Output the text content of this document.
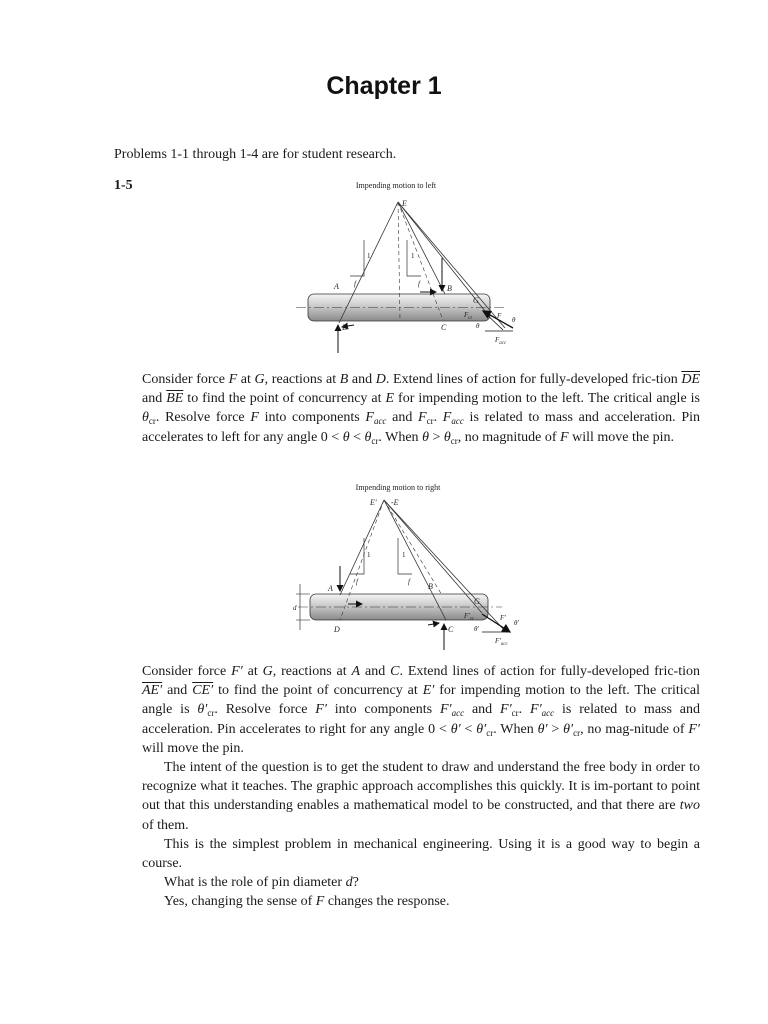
Chapter 1
Problems 1-1 through 1-4 are for student research.
1-5	Impending motion to left
E
1
f
1
f
A	B
D	C
G
$F_{cr}$	F θ
θ
$F_{acc}$

Consider force F at G, reactions at B and D. Extend lines of action for fully-developed fric-tion $\overline{DE}$ and $\overline{BE}$ to find the point of concurrency at E for impending motion to the left. The critical angle is $\theta_{cr}$. Resolve force F into components $F_{acc}$ and $F_{cr}$. $F_{acc}$ is related to mass and acceleration. Pin accelerates to left for any angle $0 < \theta < \theta_{cr}$. When $\theta > \theta_{cr}$, no magnitude of F will move the pin.

Impending motion to right
E′ -E
d
1
f
1
f
A	B
D	C
G
$F'_{cr}$	F′
θ′
θ′
$F'_{acc}$

Consider force F′ at G, reactions at A and C. Extend lines of action for fully-developed fric-tion AE′ and CE′ to find the point of concurrency at E′ for impending motion to the left. The critical angle is $\theta'_{cr}$. Resolve force F′ into components $F'_{acc}$ and $F'_{cr}$. $F'_{acc}$ is related to mass and acceleration. Pin accelerates to right for any angle $0 < \theta' < \theta'_{cr}$. When $\theta' > \theta'_{cr}$, no mag-nitude of F′ will move the pin.

The intent of the question is to get the student to draw and understand the free body in order to recognize what it teaches. The graphic approach accomplishes this quickly. It is im-portant to point out that this understanding enables a mathematical model to be constructed, and that there are two of them.

This is the simplest problem in mechanical engineering. Using it is a good way to begin a course.

What is the role of pin diameter d?

Yes, changing the sense of F changes the response.
